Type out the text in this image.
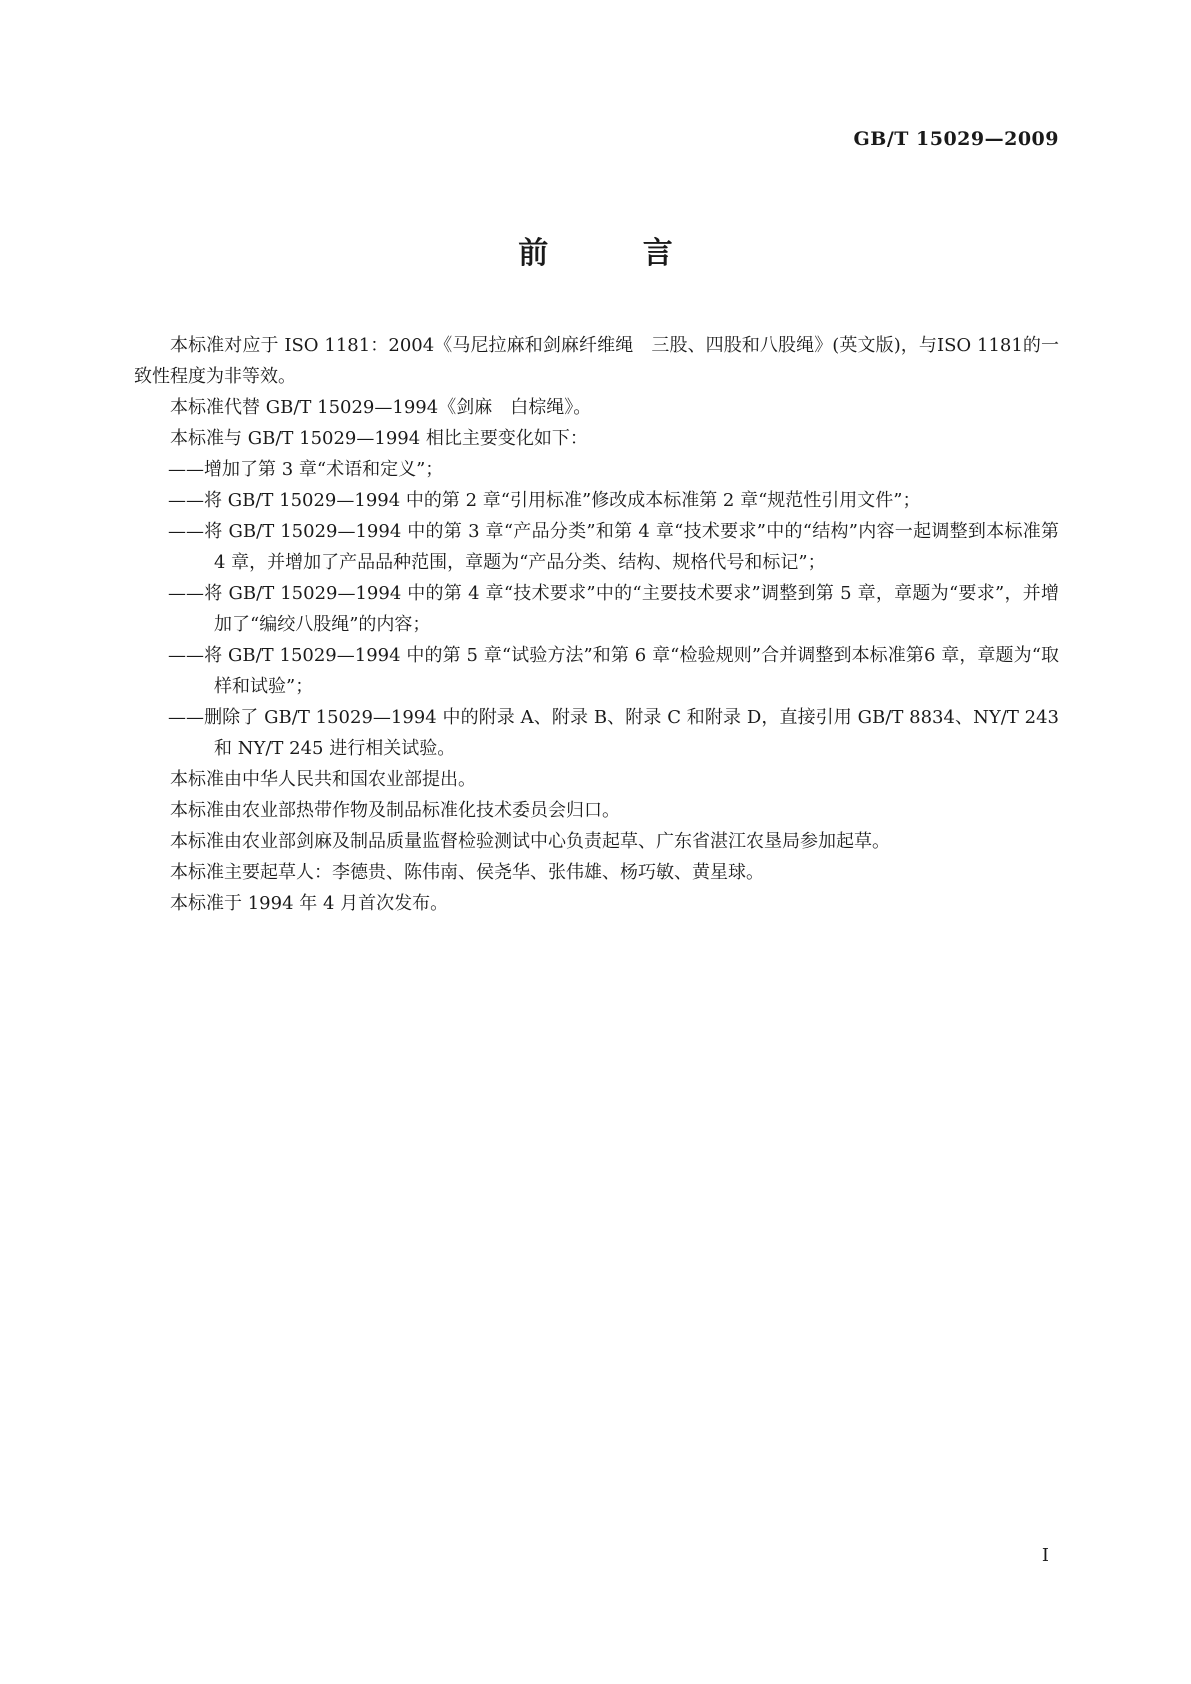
GB/T 15029—2009
前 言

本标准对应于 ISO 1181：2004《马尼拉麻和剑麻纤维绳　三股、四股和八股绳》(英文版)，与ISO 1181的一致性程度为非等效。

本标准代替 GB/T 15029—1994《剑麻　白棕绳》。

本标准与 GB/T 15029—1994 相比主要变化如下：

——增加了第 3 章“术语和定义”；

——将 GB/T 15029—1994 中的第 2 章“引用标准”修改成本标准第 2 章“规范性引用文件”；

——将 GB/T 15029—1994 中的第 3 章“产品分类”和第 4 章“技术要求”中的“结构”内容一起调整到本标准第 4 章，并增加了产品品种范围，章题为“产品分类、结构、规格代号和标记”；

——将 GB/T 15029—1994 中的第 4 章“技术要求”中的“主要技术要求”调整到第 5 章，章题为“要求”，并增加了“编绞八股绳”的内容；

——将 GB/T 15029—1994 中的第 5 章“试验方法”和第 6 章“检验规则”合并调整到本标准第6 章，章题为“取样和试验”；

——删除了 GB/T 15029—1994 中的附录 A、附录 B、附录 C 和附录 D，直接引用 GB/T 8834、NY/T 243和 NY/T 245 进行相关试验。

本标准由中华人民共和国农业部提出。

本标准由农业部热带作物及制品标准化技术委员会归口。

本标准由农业部剑麻及制品质量监督检验测试中心负责起草、广东省湛江农垦局参加起草。

本标准主要起草人：李德贵、陈伟南、侯尧华、张伟雄、杨巧敏、黄星球。

本标准于 1994 年 4 月首次发布。

I
